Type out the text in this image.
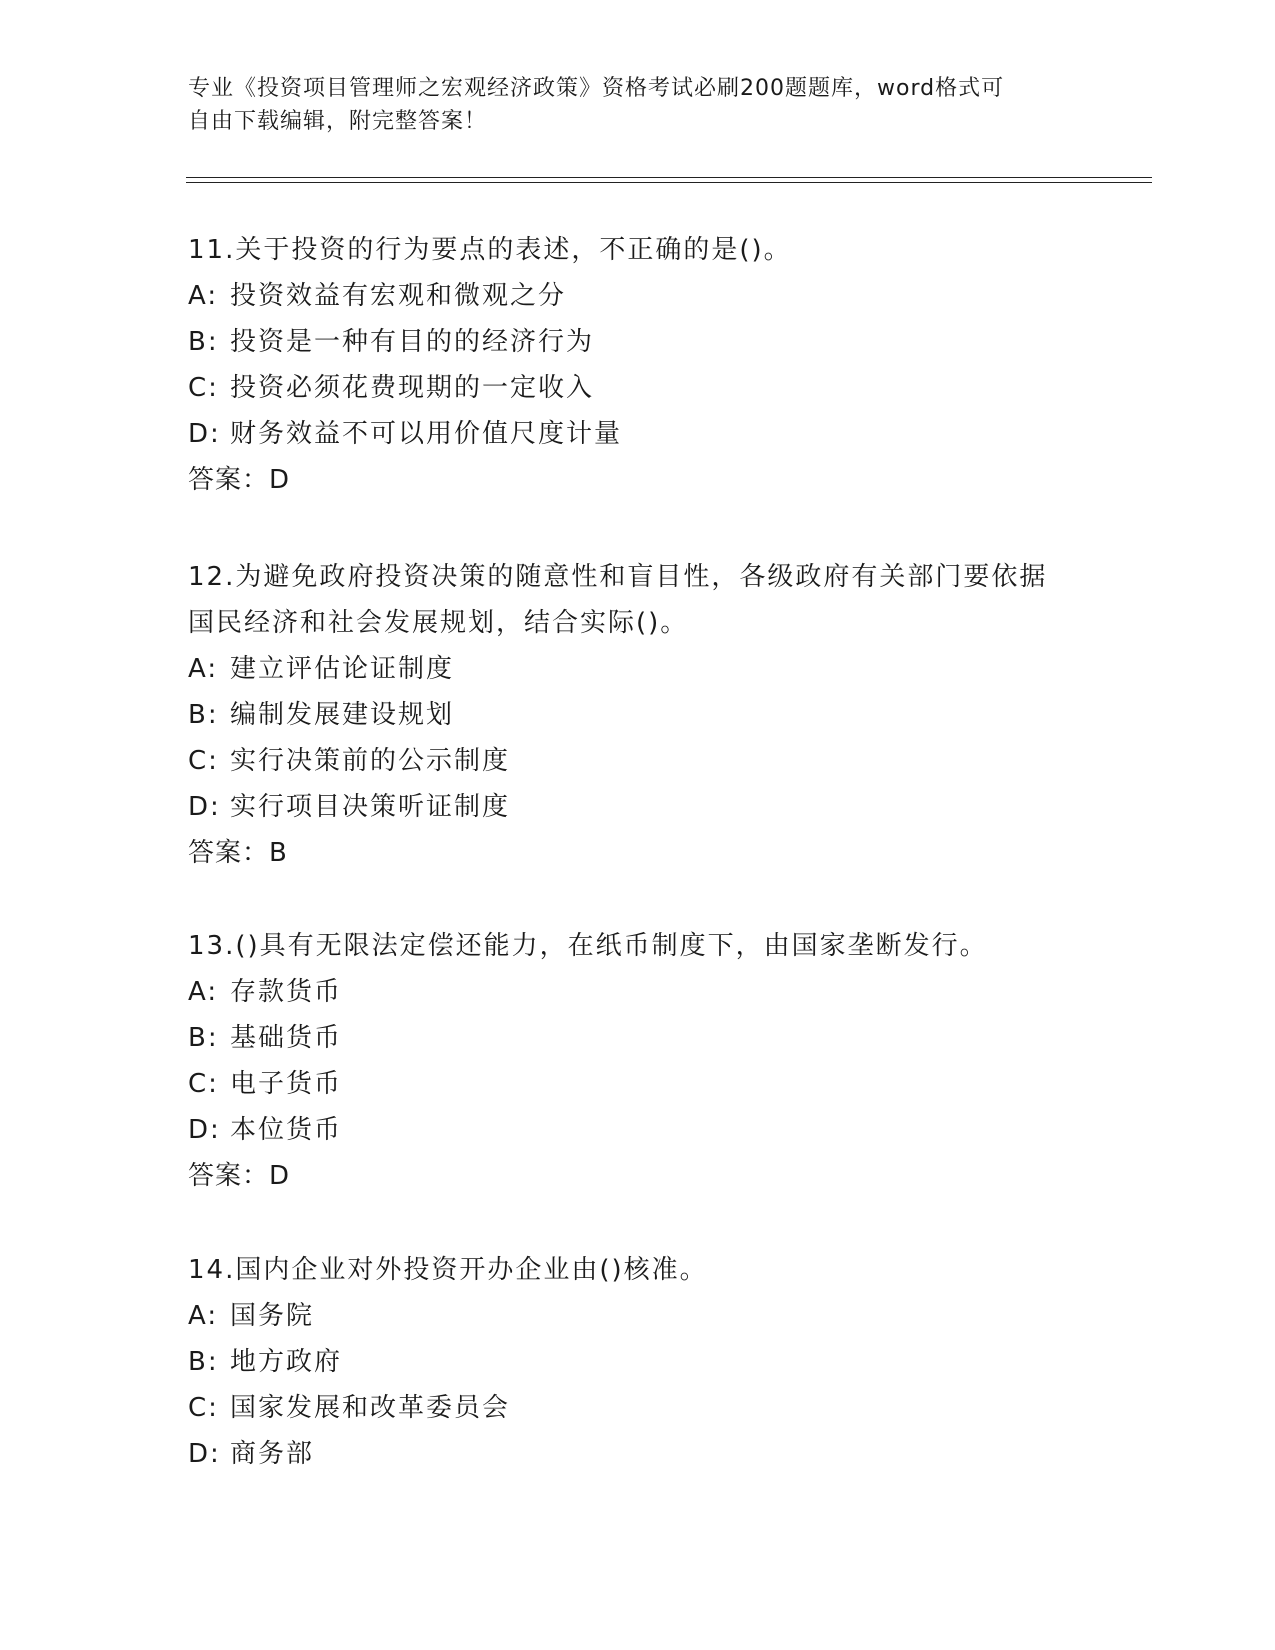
专业《投资项目管理师之宏观经济政策》资格考试必刷200题题库，word格式可
自由下载编辑，附完整答案！
11.关于投资的行为要点的表述，不正确的是()。
A: 投资效益有宏观和微观之分
B: 投资是一种有目的的经济行为
C: 投资必须花费现期的一定收入
D: 财务效益不可以用价值尺度计量
答案：D
12.为避免政府投资决策的随意性和盲目性，各级政府有关部门要依据
国民经济和社会发展规划，结合实际()。
A: 建立评估论证制度
B: 编制发展建设规划
C: 实行决策前的公示制度
D: 实行项目决策听证制度
答案：B
13.()具有无限法定偿还能力，在纸币制度下，由国家垄断发行。
A: 存款货币
B: 基础货币
C: 电子货币
D: 本位货币
答案：D
14.国内企业对外投资开办企业由()核准。
A: 国务院
B: 地方政府
C: 国家发展和改革委员会
D: 商务部
